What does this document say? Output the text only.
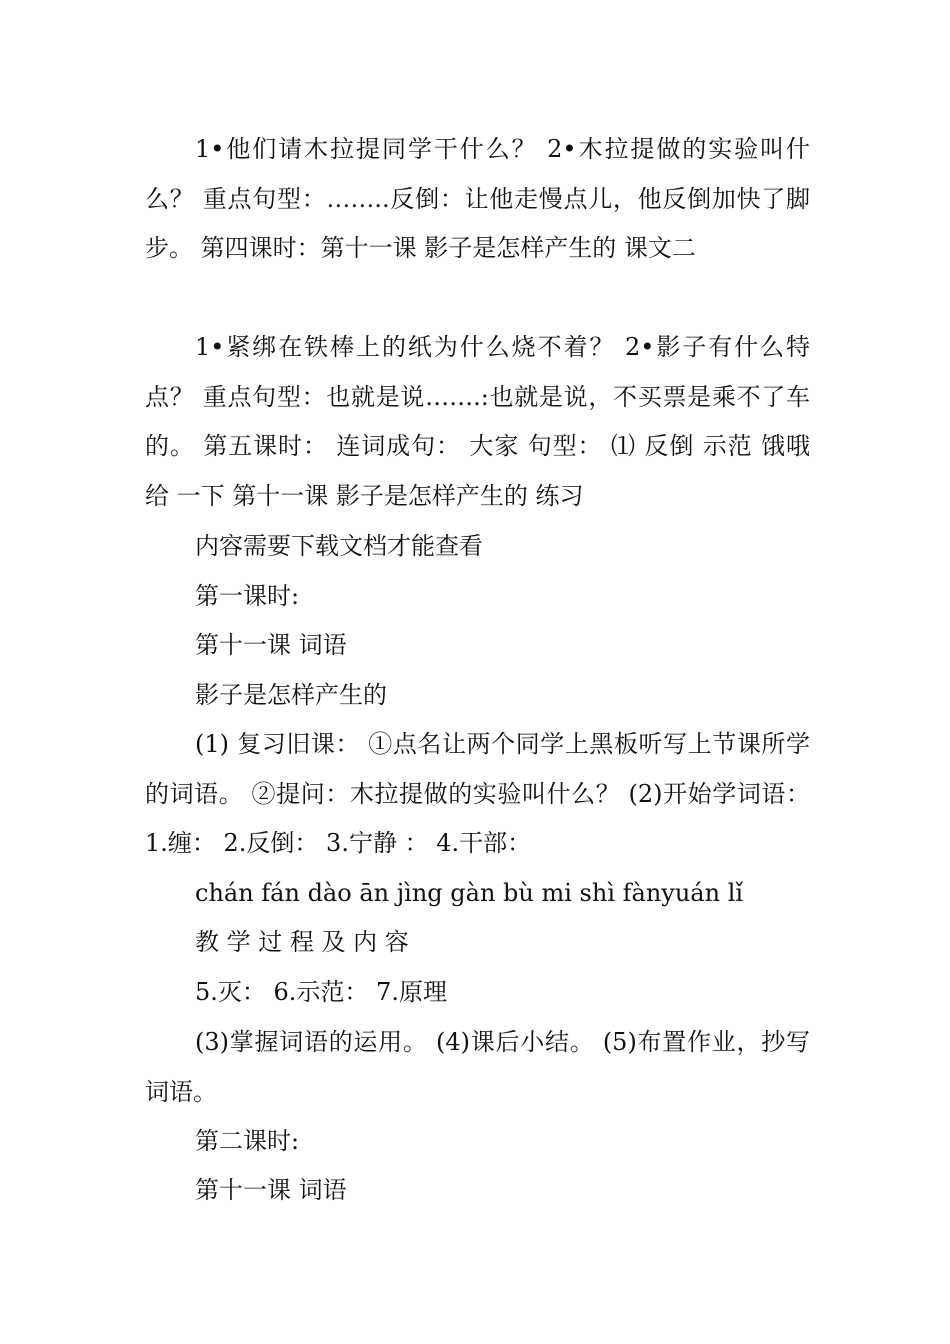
1•他们请木拉提同学干什么？ 2•木拉提做的实验叫什么？ 重点句型：……..反倒：让他走慢点儿，他反倒加快了脚步。 第四课时：第十一课 影子是怎样产生的 课文二

1•紧绑在铁棒上的纸为什么烧不着？ 2•影子有什么特点？ 重点句型：也就是说…….:也就是说，不买票是乘不了车的。 第五课时： 连词成句： 大家 句型： ⑴ 反倒 示范 饿哦 给 一下 第十一课 影子是怎样产生的 练习

内容需要下载文档才能查看

第一课时:

第十一课 词语

影子是怎样产生的

(1) 复习旧课： ①点名让两个同学上黑板听写上节课所学的词语。 ②提问：木拉提做的实验叫什么？ (2)开始学词语：1.缠： 2.反倒： 3.宁静 ： 4.干部：

chán fán dào ān jìng gàn bù mi shì fànyuán lǐ

教 学 过 程 及 内 容

5.灭： 6.示范： 7.原理

(3)掌握词语的运用。 (4)课后小结。 (5)布置作业，抄写词语。

第二课时:

第十一课 词语
